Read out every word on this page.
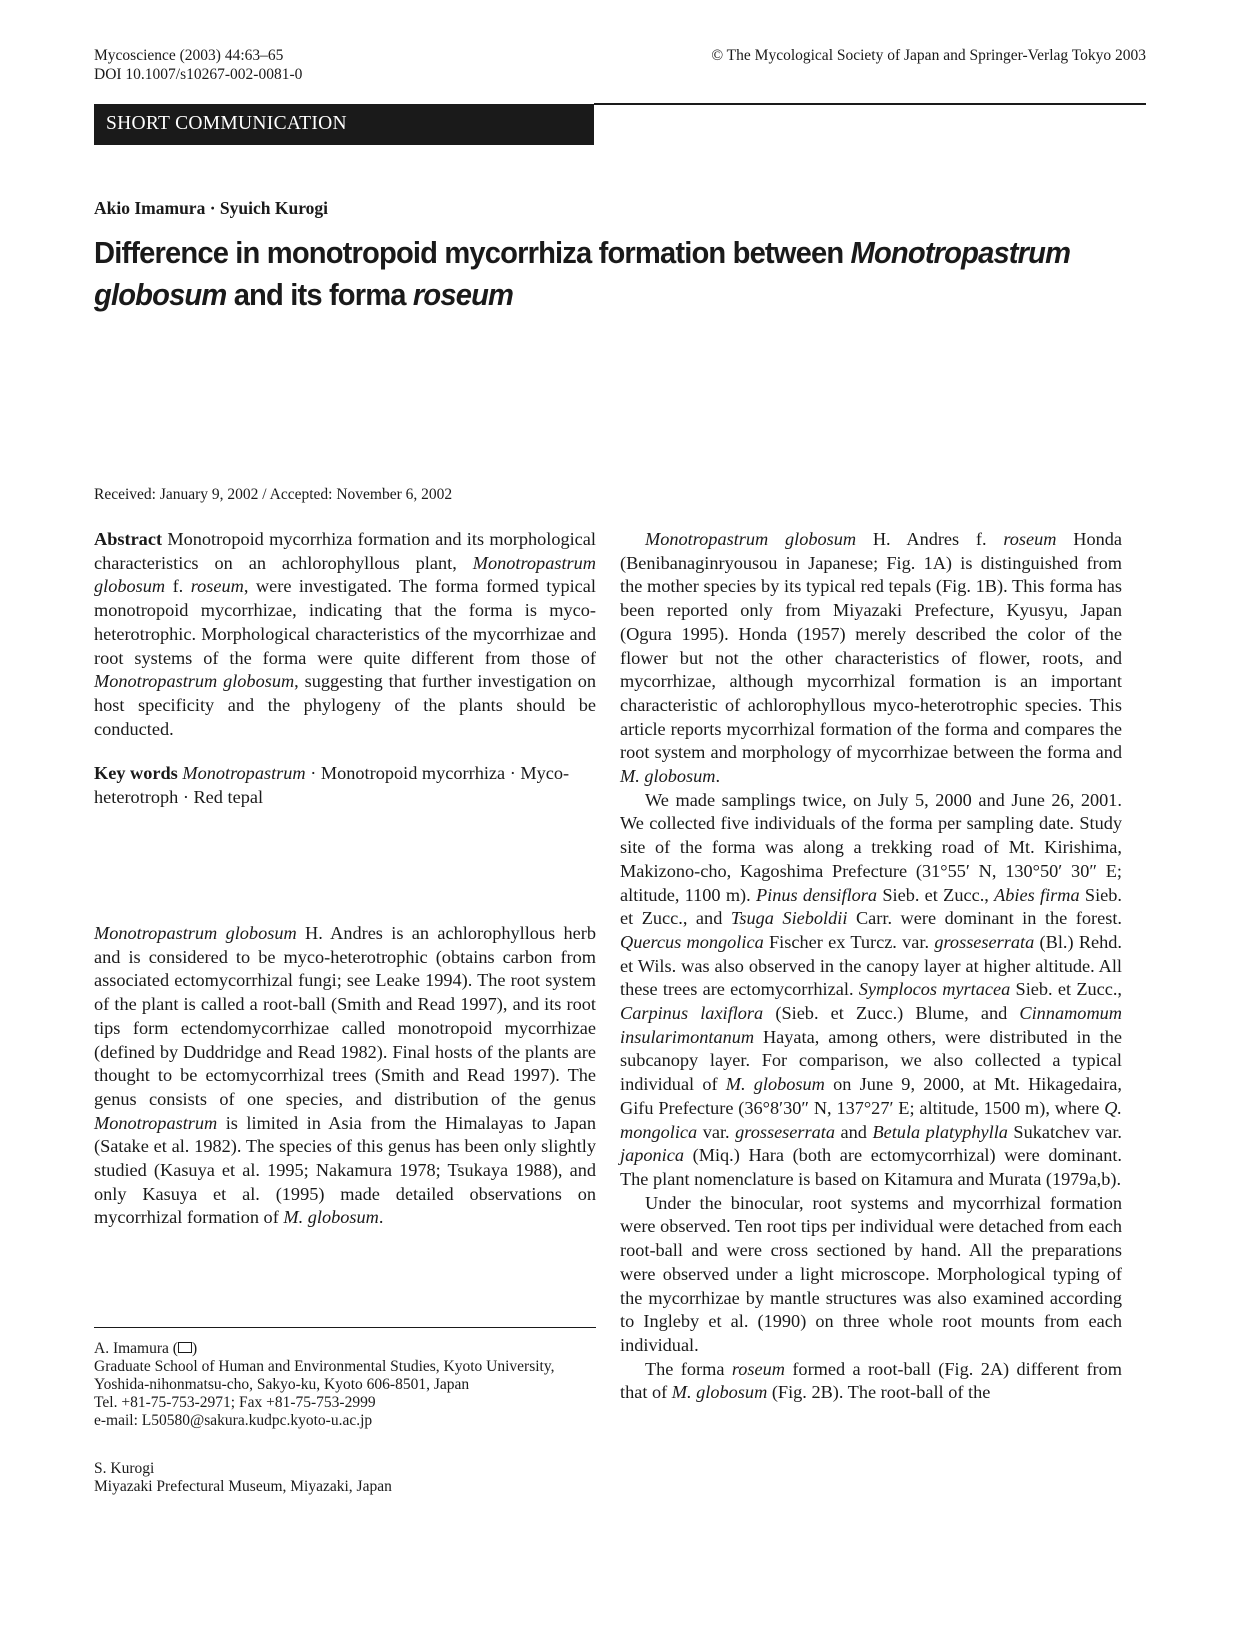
Mycoscience (2003) 44:63–65
DOI 10.1007/s10267-002-0081-0
© The Mycological Society of Japan and Springer-Verlag Tokyo 2003
SHORT COMMUNICATION
Akio Imamura · Syuich Kurogi
Difference in monotropoid mycorrhiza formation between Monotropastrum globosum and its forma roseum
Received: January 9, 2002 / Accepted: November 6, 2002

Abstract Monotropoid mycorrhiza formation and its morphological characteristics on an achlorophyllous plant, Monotropastrum globosum f. roseum, were investigated. The forma formed typical monotropoid mycorrhizae, indicating that the forma is myco-heterotrophic. Morphological characteristics of the mycorrhizae and root systems of the forma were quite different from those of Monotropastrum globosum, suggesting that further investigation on host specificity and the phylogeny of the plants should be conducted.

Key words Monotropastrum · Monotropoid mycorrhiza · Myco-heterotroph · Red tepal

Monotropastrum globosum H. Andres is an achlorophyllous herb and is considered to be myco-heterotrophic (obtains carbon from associated ectomycorrhizal fungi; see Leake 1994). The root system of the plant is called a root-ball (Smith and Read 1997), and its root tips form ectendomycorrhizae called monotropoid mycorrhizae (defined by Duddridge and Read 1982). Final hosts of the plants are thought to be ectomycorrhizal trees (Smith and Read 1997). The genus consists of one species, and distribution of the genus Monotropastrum is limited in Asia from the Himalayas to Japan (Satake et al. 1982). The species of this genus has been only slightly studied (Kasuya et al. 1995; Nakamura 1978; Tsukaya 1988), and only Kasuya et al. (1995) made detailed observations on mycorrhizal formation of M. globosum.

A. Imamura ( )
Graduate School of Human and Environmental Studies, Kyoto University, Yoshida-nihonmatsu-cho, Sakyo-ku, Kyoto 606-8501, Japan
Tel. +81-75-753-2971; Fax +81-75-753-2999
e-mail: L50580@sakura.kudpc.kyoto-u.ac.jp
S. Kurogi
Miyazaki Prefectural Museum, Miyazaki, Japan

Monotropastrum globosum H. Andres f. roseum Honda (Benibanaginryousou in Japanese; Fig. 1A) is distinguished from the mother species by its typical red tepals (Fig. 1B). This forma has been reported only from Miyazaki Prefecture, Kyusyu, Japan (Ogura 1995). Honda (1957) merely described the color of the flower but not the other characteristics of flower, roots, and mycorrhizae, although mycorrhizal formation is an important characteristic of achlorophyllous myco-heterotrophic species. This article reports mycorrhizal formation of the forma and compares the root system and morphology of mycorrhizae between the forma and M. globosum.

We made samplings twice, on July 5, 2000 and June 26, 2001. We collected five individuals of the forma per sampling date. Study site of the forma was along a trekking road of Mt. Kirishima, Makizono-cho, Kagoshima Prefecture (31°55′ N, 130°50′ 30″ E; altitude, 1100 m). Pinus densiflora Sieb. et Zucc., Abies firma Sieb. et Zucc., and Tsuga Sieboldii Carr. were dominant in the forest. Quercus mongolica Fischer ex Turcz. var. grosseserrata (Bl.) Rehd. et Wils. was also observed in the canopy layer at higher altitude. All these trees are ectomycorrhizal. Symplocos myrtacea Sieb. et Zucc., Carpinus laxiflora (Sieb. et Zucc.) Blume, and Cinnamomum insularimontanum Hayata, among others, were distributed in the subcanopy layer. For comparison, we also collected a typical individual of M. globosum on June 9, 2000, at Mt. Hikagedaira, Gifu Prefecture (36°8′30″ N, 137°27′ E; altitude, 1500 m), where Q. mongolica var. grosseserrata and Betula platyphylla Sukatchev var. japonica (Miq.) Hara (both are ectomycorrhizal) were dominant. The plant nomenclature is based on Kitamura and Murata (1979a,b).

Under the binocular, root systems and mycorrhizal formation were observed. Ten root tips per individual were detached from each root-ball and were cross sectioned by hand. All the preparations were observed under a light microscope. Morphological typing of the mycorrhizae by mantle structures was also examined according to Ingleby et al. (1990) on three whole root mounts from each individual.

The forma roseum formed a root-ball (Fig. 2A) different from that of M. globosum (Fig. 2B). The root-ball of the
